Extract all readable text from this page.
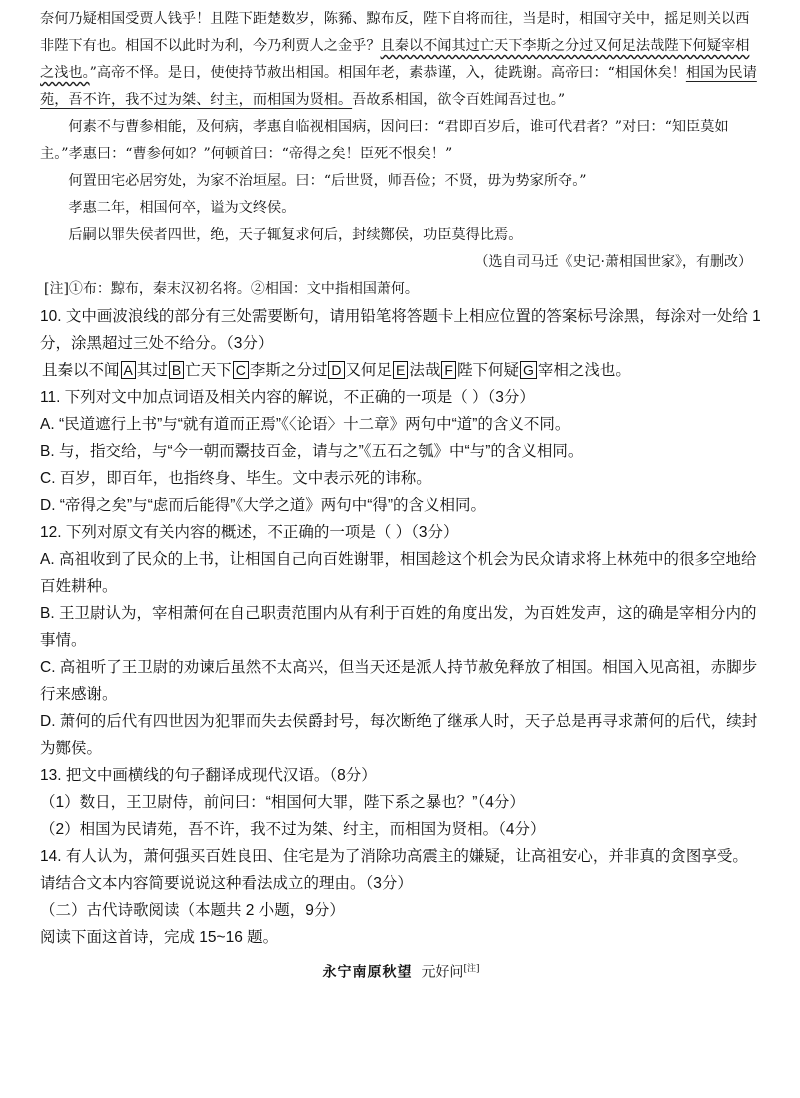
奈何乃疑相国受贾人钱乎！且陛下距楚数岁，陈豨、黥布反，陛下自将而往，当是时，相国守关中，摇足则关以西非陛下有也。相国不以此时为利，今乃利贾人之金乎？且秦以不闻其过亡天下李斯之分过又何足法哉陛下何疑宰相之浅也。”高帝不怿。是日，使使持节赦出相国。相国年老，素恭谨，入，徒跣谢。高帝曰：“相国休矣！相国为民请苑，吾不许，我不过为桀、纣主，而相国为贤相。吾故系相国，欲令百姓闻吾过也。”

何素不与曹参相能，及何病，孝惠自临视相国病，因问曰：“君即百岁后，谁可代君者？”对曰：“知臣莫如主。”孝惠曰：“曹参何如？”何顿首曰：“帝得之矣！臣死不恨矣！”

何置田宅必居穷处，为家不治垣屋。曰：“后世贤，师吾俭；不贤，毋为势家所夺。”

孝惠二年，相国何卒，谥为文终侯。

后嗣以罪失侯者四世，绝，天子辄复求何后，封续酂侯，功臣莫得比焉。

（选自司马迁《史记·萧相国世家》，有删改）

[注]①布：黥布，秦末汉初名将。②相国：文中指相国萧何。

10. 文中画波浪线的部分有三处需要断句，请用铅笔将答题卡上相应位置的答案标号涂黑，每涂对一处给 1 分，涂黑超过三处不给分。（3分）

且秦以不闻 A 其过 B 亡天下 C 李斯之分过 D 又何足 E 法哉 F 陛下何疑 G 宰相之浅也。

11. 下列对文中加点词语及相关内容的解说，不正确的一项是（ ）（3分）

A. “民道遮行上书”与“就有道而正焉”《〈论语〉十二章》两句中“道”的含义不同。

B. 与，指交给，与“今一朝而鬻技百金，请与之”《五石之瓠》中“与”的含义相同。

C. 百岁，即百年，也指终身、毕生。文中表示死的讳称。

D. “帝得之矣”与“虑而后能得”《大学之道》两句中“得”的含义相同。

12. 下列对原文有关内容的概述，不正确的一项是（ ）（3分）

A. 高祖收到了民众的上书，让相国自己向百姓谢罪，相国趁这个机会为民众请求将上林苑中的很多空地给百姓耕种。

B. 王卫尉认为，宰相萧何在自己职责范围内从有利于百姓的角度出发，为百姓发声，这的确是宰相分内的事情。

C. 高祖听了王卫尉的劝谏后虽然不太高兴，但当天还是派人持节赦免释放了相国。相国入见高祖，赤脚步行来感谢。

D. 萧何的后代有四世因为犯罪而失去侯爵封号，每次断绝了继承人时，天子总是再寻求萧何的后代，续封为酂侯。

13. 把文中画横线的句子翻译成现代汉语。（8分）

（1）数日，王卫尉侍，前问曰：“相国何大罪，陛下系之暴也？”（4分）

（2）相国为民请苑，吾不许，我不过为桀、纣主，而相国为贤相。（4分）

14. 有人认为，萧何强买百姓良田、住宅是为了消除功高震主的嫌疑，让高祖安心，并非真的贪图享受。请结合文本内容简要说说这种看法成立的理由。（3分）

（二）古代诗歌阅读（本题共 2 小题，9分）

阅读下面这首诗，完成 15~16 题。

永宁南原秋望 元好问[注]
